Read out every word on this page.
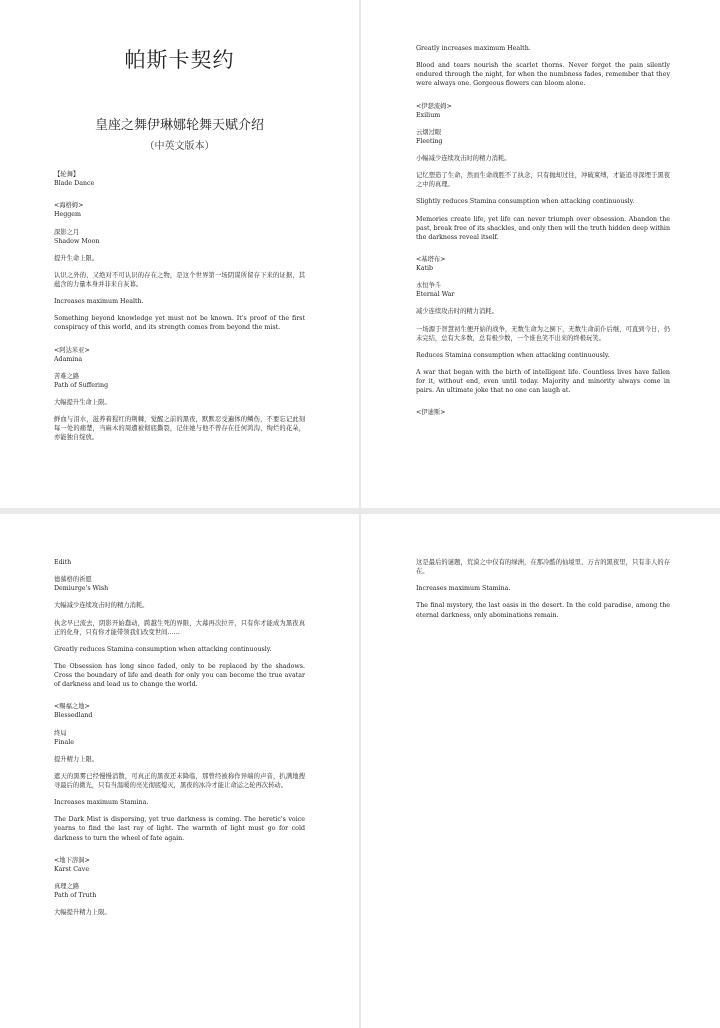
帕斯卡契约
皇座之舞伊琳娜轮舞天赋介绍
（中英文版本）

【轮舞】

Blade Dance

<海格姆>

Heggem

深影之月

Shadow Moon

提升生命上限。

认识之外的，又绝对不可认识的存在之物，是这个世界第一场阴谋所留存下来的证据，其蕴含的力量本身并非来自灰暮。

Increases maximum Health.

Something beyond knowledge yet must not be known. It's proof of the first conspiracy of this world, and its strength comes from beyond the mist.

<阿达米亚>

Adamina

苦难之路

Path of Suffering

大幅提升生命上限。

鲜血与泪水，滋养着猩红的荆棘，觉醒之前的黑夜，默默忍受遍体的鳞伤，不要忘记此刻每一处的痛楚，当麻木的周遭被彻底撕裂，记住她与他不曾存在任何鸿沟，绚烂的花朵，亦能独自绽放。

Greatly increases maximum Health.

Blood and tears nourish the scarlet thorns. Never forget the pain silently endured through the night, for when the numbness fades, remember that they were always one. Gorgeous flowers can bloom alone.

<伊瑟流姆>

Exilium

云烟过眼

Fleeting

小幅减少连续攻击时的精力消耗。

记忆塑造了生命，然而生命战胜不了执念，只有抛却过往，冲破束缚，才能追寻深埋于黑夜之中的真理。

Slightly reduces Stamina consumption when attacking continuously.

Memories create life, yet life can never triumph over obsession. Abandon the past, break free of its shackles, and only then will the truth hidden deep within the darkness reveal itself.

<基塔布>

Katib

永恒争斗

Eternal War

减少连续攻击时的精力消耗。

一场源于智慧初生便开始的战争，无数生命为之倒下，无数生命前仆后继，可直到今日，仍未完结，总有大多数，总有极少数，一个谁也笑不出来的终极玩笑。

Reduces Stamina consumption when attacking continuously.

A war that began with the birth of intelligent life. Countless lives have fallen for it, without end, even until today. Majority and minority always come in pairs. An ultimate joke that no one can laugh at.

<伊迪斯>

Edith

德慕格的祈愿

Demiurge's Wish

大幅减少连续攻击时的精力消耗。

执念早已流去，阴影开始蠢动，跨越生死的界限，大幕再次拉开，只有你才能成为黑夜真正的化身，只有你才能带领我们改变世间……

Greatly reduces Stamina consumption when attacking continuously.

The Obsession has long since faded, only to be replaced by the shadows. Cross the boundary of life and death for only you can become the true avatar of darkness and lead us to change the world.

<赐福之地>

Blessedland

终局

Finale

提升精力上限。

遮天的黑雾已经慢慢消散，可真正的黑夜还未降临，那曾经被称作异端的声音，扒满地搜寻最后的微光，只有当温暖的亮光彻底熄灭，黑夜的冰冷才能让命运之轮再次转动。

Increases maximum Stamina.

The Dark Mist is dispersing, yet true darkness is coming. The heretic's voice yearns to find the last ray of light. The warmth of light must go for cold darkness to turn the wheel of fate again.

<地下溶洞>

Karst Cave

真理之路

Path of Truth

大幅提升精力上限。

这是最后的谜题，荒漠之中仅有的绿洲，在那冷酷的仙境里，万古的黑夜里，只有非人的存在。

Increases maximum Stamina.

The final mystery, the last oasis in the desert. In the cold paradise, among the eternal darkness, only abominations remain.
